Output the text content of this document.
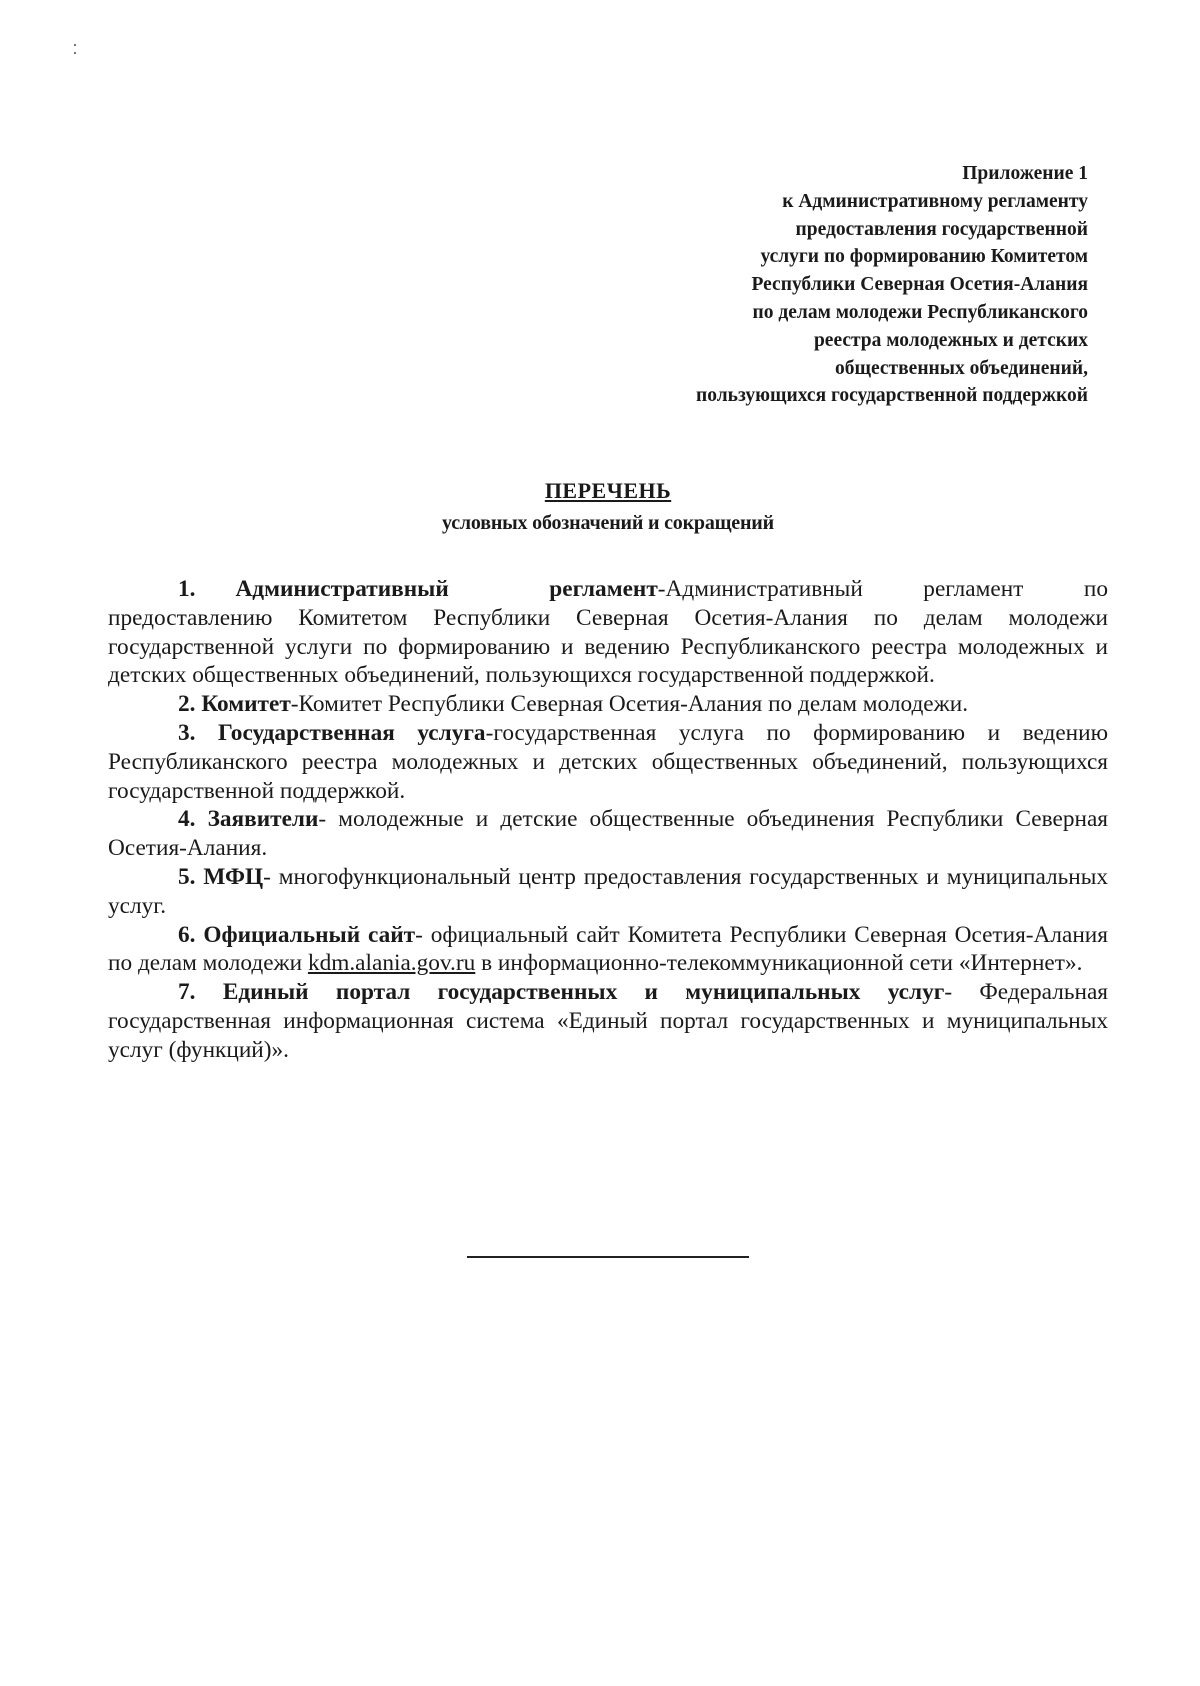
Приложение 1
к Административному регламенту
предоставления государственной
услуги по формированию Комитетом
Республики Северная Осетия-Алания
по делам молодежи Республиканского
реестра молодежных и детских
общественных объединений,
пользующихся государственной поддержкой
ПЕРЕЧЕНЬ
условных обозначений и сокращений

1. Административный регламент-Административный регламент по предоставлению Комитетом Республики Северная Осетия-Алания по делам молодежи государственной услуги по формированию и ведению Республиканского реестра молодежных и детских общественных объединений, пользующихся государственной поддержкой.

2. Комитет-Комитет Республики Северная Осетия-Алания по делам молодежи.

3. Государственная услуга-государственная услуга по формированию и ведению Республиканского реестра молодежных и детских общественных объединений, пользующихся государственной поддержкой.

4. Заявители- молодежные и детские общественные объединения Республики Северная Осетия-Алания.

5. МФЦ- многофункциональный центр предоставления государственных и муниципальных услуг.

6. Официальный сайт- официальный сайт Комитета Республики Северная Осетия-Алания по делам молодежи kdm.alania.gov.ru в информационно-телекоммуникационной сети «Интернет».

7. Единый портал государственных и муниципальных услуг- Федеральная государственная информационная система «Единый портал государственных и муниципальных услуг (функций)».
